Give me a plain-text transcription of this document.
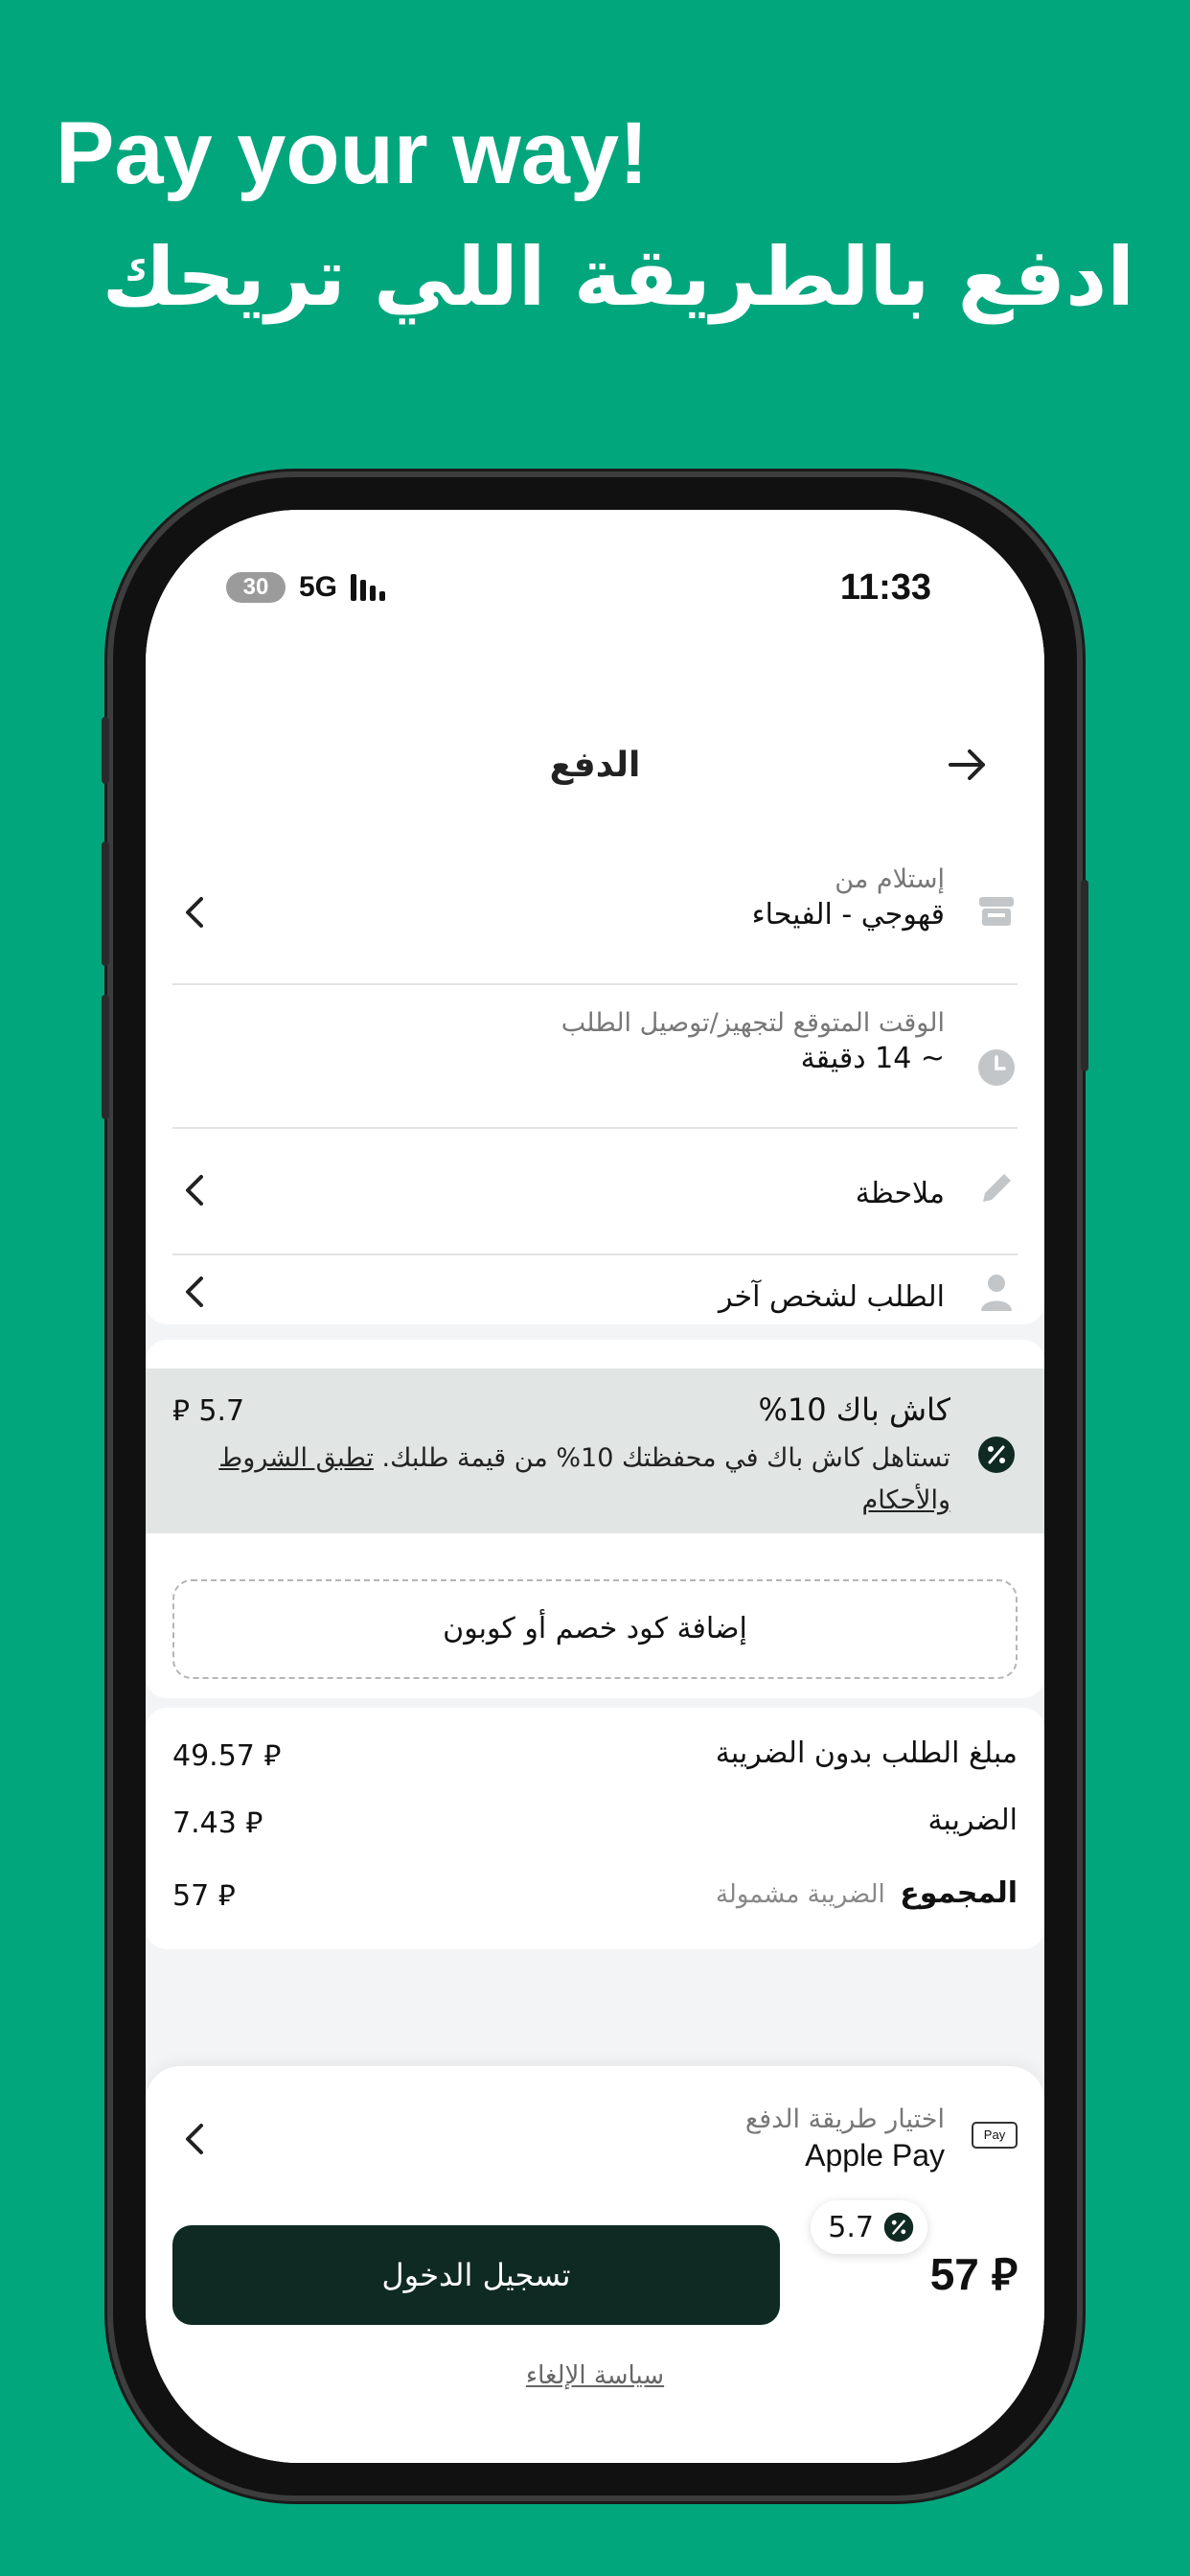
Pay your way!
ادفع بالطريقة اللي تريحك
30	5G	11:33
الدفع
إستلام من
قهوجي - الفيحاء
الوقت المتوقع لتجهيز/توصيل الطلب
~ 14 دقيقة
ملاحظة
الطلب لشخص آخر
كاش باك 10%
5.7 ⃁
تستاهل كاش باك في محفظتك 10% من قيمة طلبك. تطبق الشروط والأحكام
إضافة كود خصم أو كوبون
مبلغ الطلب بدون الضريبة
49.57 ⃁
الضريبة
7.43 ⃁
المجموع الضريبة مشمولة
57 ⃁
Pay
اختيار طريقة الدفع
Apple Pay
5.7
57 ⃁
تسجيل الدخول
سياسة الإلغاء
